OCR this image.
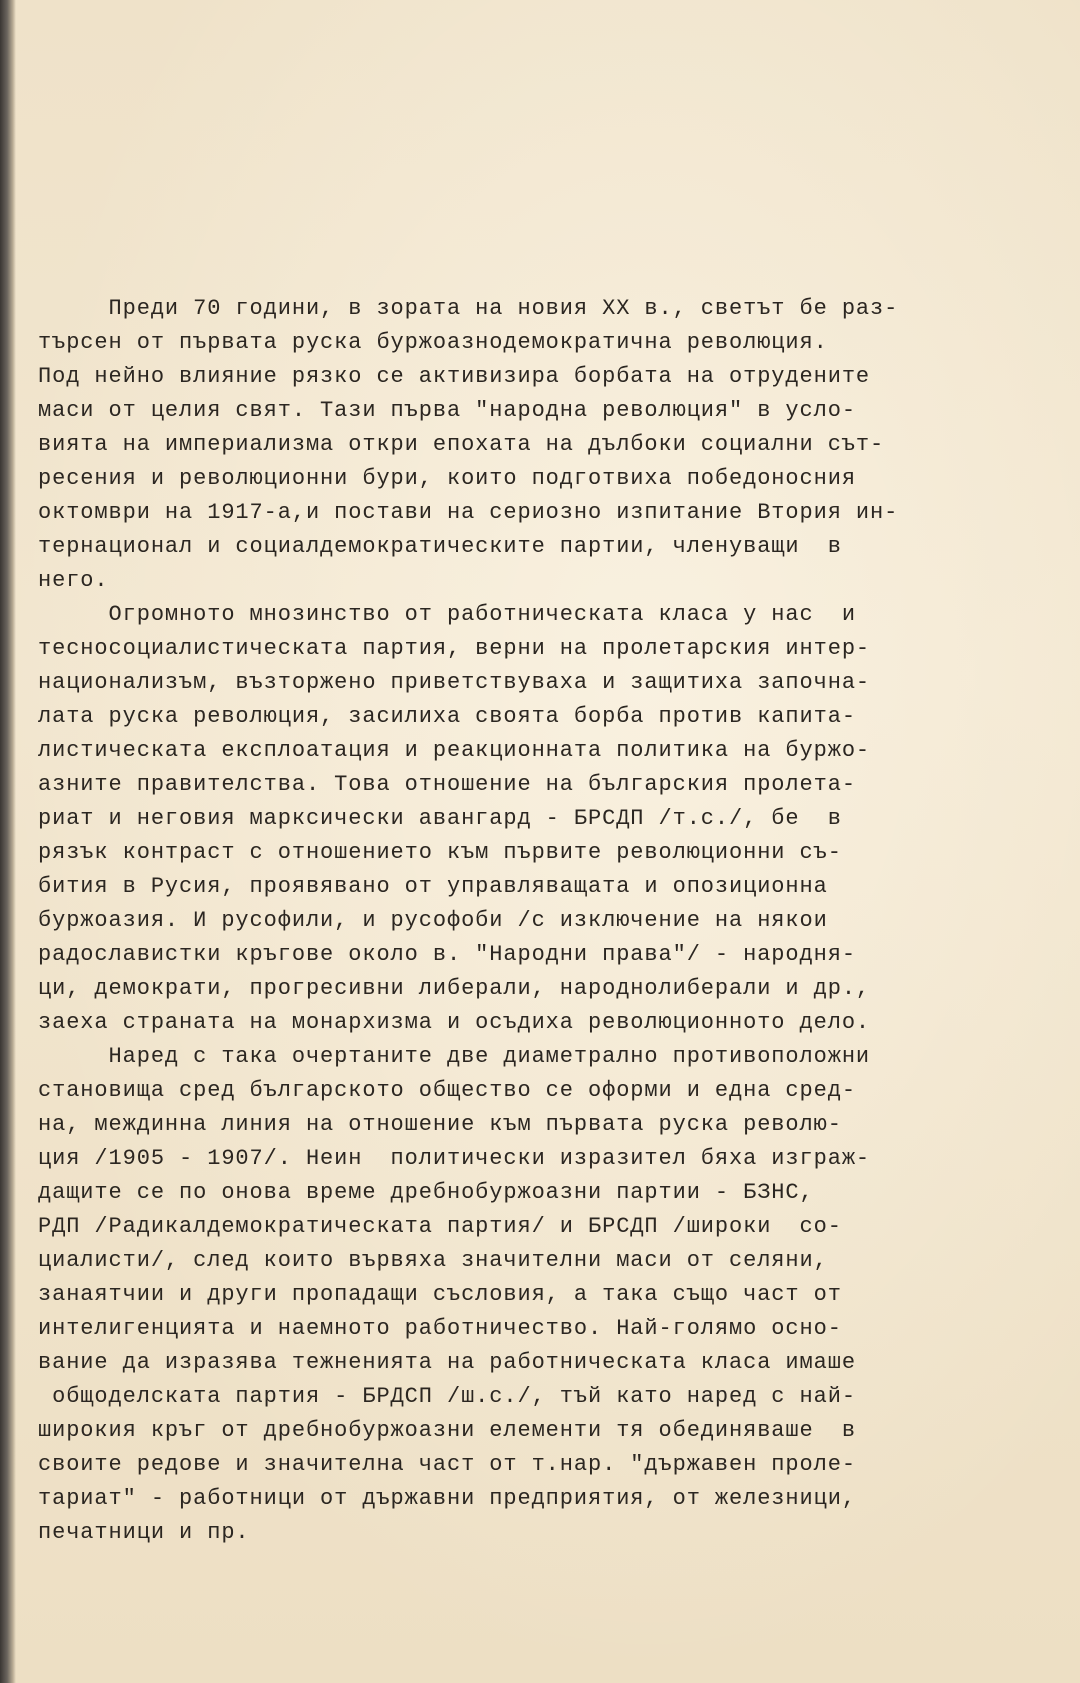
Преди 70 години, в зората на новия XX в., светът бе раз-
търсен от първата руска буржоазнодемократична революция.
Под нейно влияние рязко се активизира борбата на отрудените
маси от целия свят. Тази първа "народна революция" в усло-
вията на империализма откри епохата на дълбоки социални сът-
ресения и революционни бури, които подготвиха победоносния
октомври на 1917-а,и постави на сериозно изпитание Втория ин-
тернационал и социалдемократическите партии, членуващи  в
него.
Огромното мнозинство от работническата класа у нас  и
тесносоциалистическата партия, верни на пролетарския интер-
национализъм, възторжено приветствуваха и защитиха започна-
лата руска революция, засилиха своята борба против капита-
листическата експлоатация и реакционната политика на буржо-
азните правителства. Това отношение на българския пролета-
риат и неговия марксически авангард - БРСДП /т.с./, бе  в
рязък контраст с отношението към първите революционни съ-
бития в Русия, проявявано от управляващата и опозиционна
буржоазия. И русофили, и русофоби /с изключение на някои
радославистки кръгове около в. "Народни права"/ - народня-
ци, демократи, прогресивни либерали, народнолиберали и др.,
заеха страната на монархизма и осъдиха революционното дело.
Наред с така очертаните две диаметрално противоположни
становища сред българското общество се оформи и една сред-
на, междинна линия на отношение към първата руска револю-
ция /1905 - 1907/. Неин  политически изразител бяха изграж-
дащите се по онова време дребнобуржоазни партии - БЗНС,
РДП /Радикалдемократическата партия/ и БРСДП /широки  со-
циалисти/, след които вървяха значителни маси от селяни,
занаятчии и други пропадащи съсловия, а така също част от
интелигенцията и наемното работничество. Най-голямо осно-
вание да изразява тежненията на работническата класа имаше
общоделската партия - БРДСП /ш.с./, тъй като наред с най-
широкия кръг от дребнобуржоазни елементи тя обединяваше  в
своите редове и значителна част от т.нар. "държавен проле-
тариат" - работници от държавни предприятия, от железници,
печатници и пр.
